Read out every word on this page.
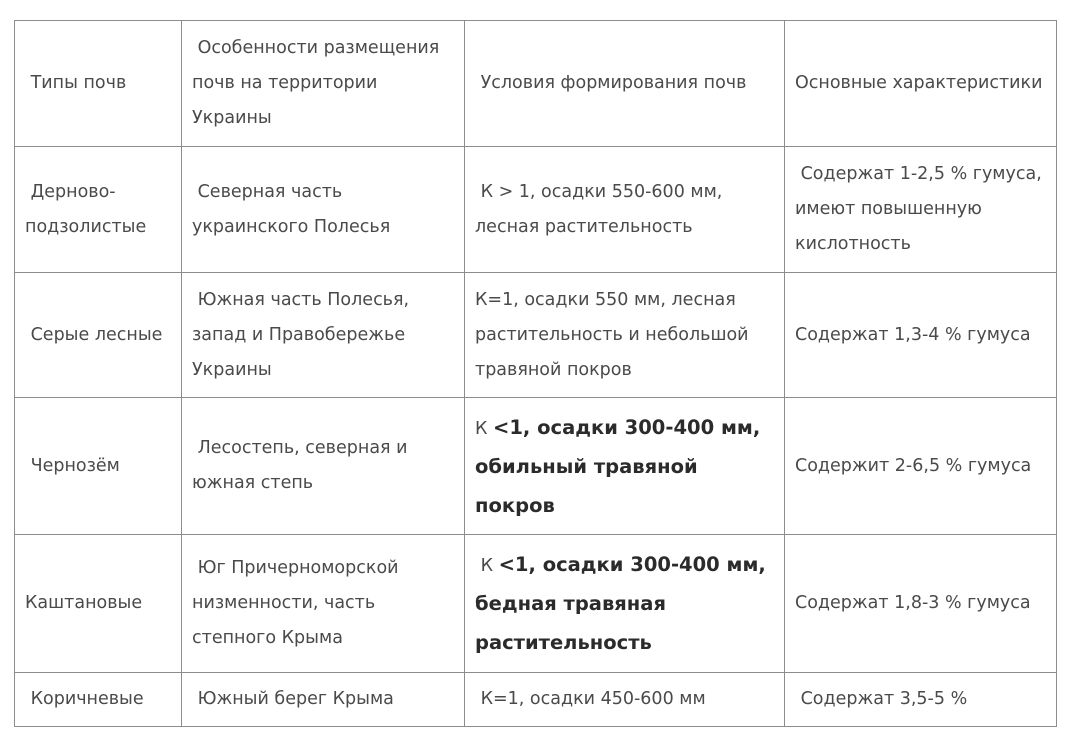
Типы почв	Особенности размещения почв на территории Украины	Условия формирования почв	Основные характеристики
Дерново-подзолистые	Северная часть украинского Полесья	К > 1, осадки 550-600 мм, лесная растительность	Содержат 1-2,5 % гумуса, имеют повышенную кислотность
Серые лесные	Южная часть Полесья, запад и Правобережье Украины	К=1, осадки 550 мм, лесная растительность и небольшой травяной покров	Содержат 1,3-4 % гумуса
Чернозём	Лесостепь, северная и южная степь	К <1, осадки 300-400 мм, обильный травяной покров	Содержит 2-6,5 % гумуса
Каштановые	Юг Причерноморской низменности, часть степного Крыма	К <1, осадки 300-400 мм, бедная травяная растительность	Содержат 1,8-3 % гумуса
Коричневые	Южный берег Крыма	К=1, осадки 450-600 мм	Содержат 3,5-5 %
